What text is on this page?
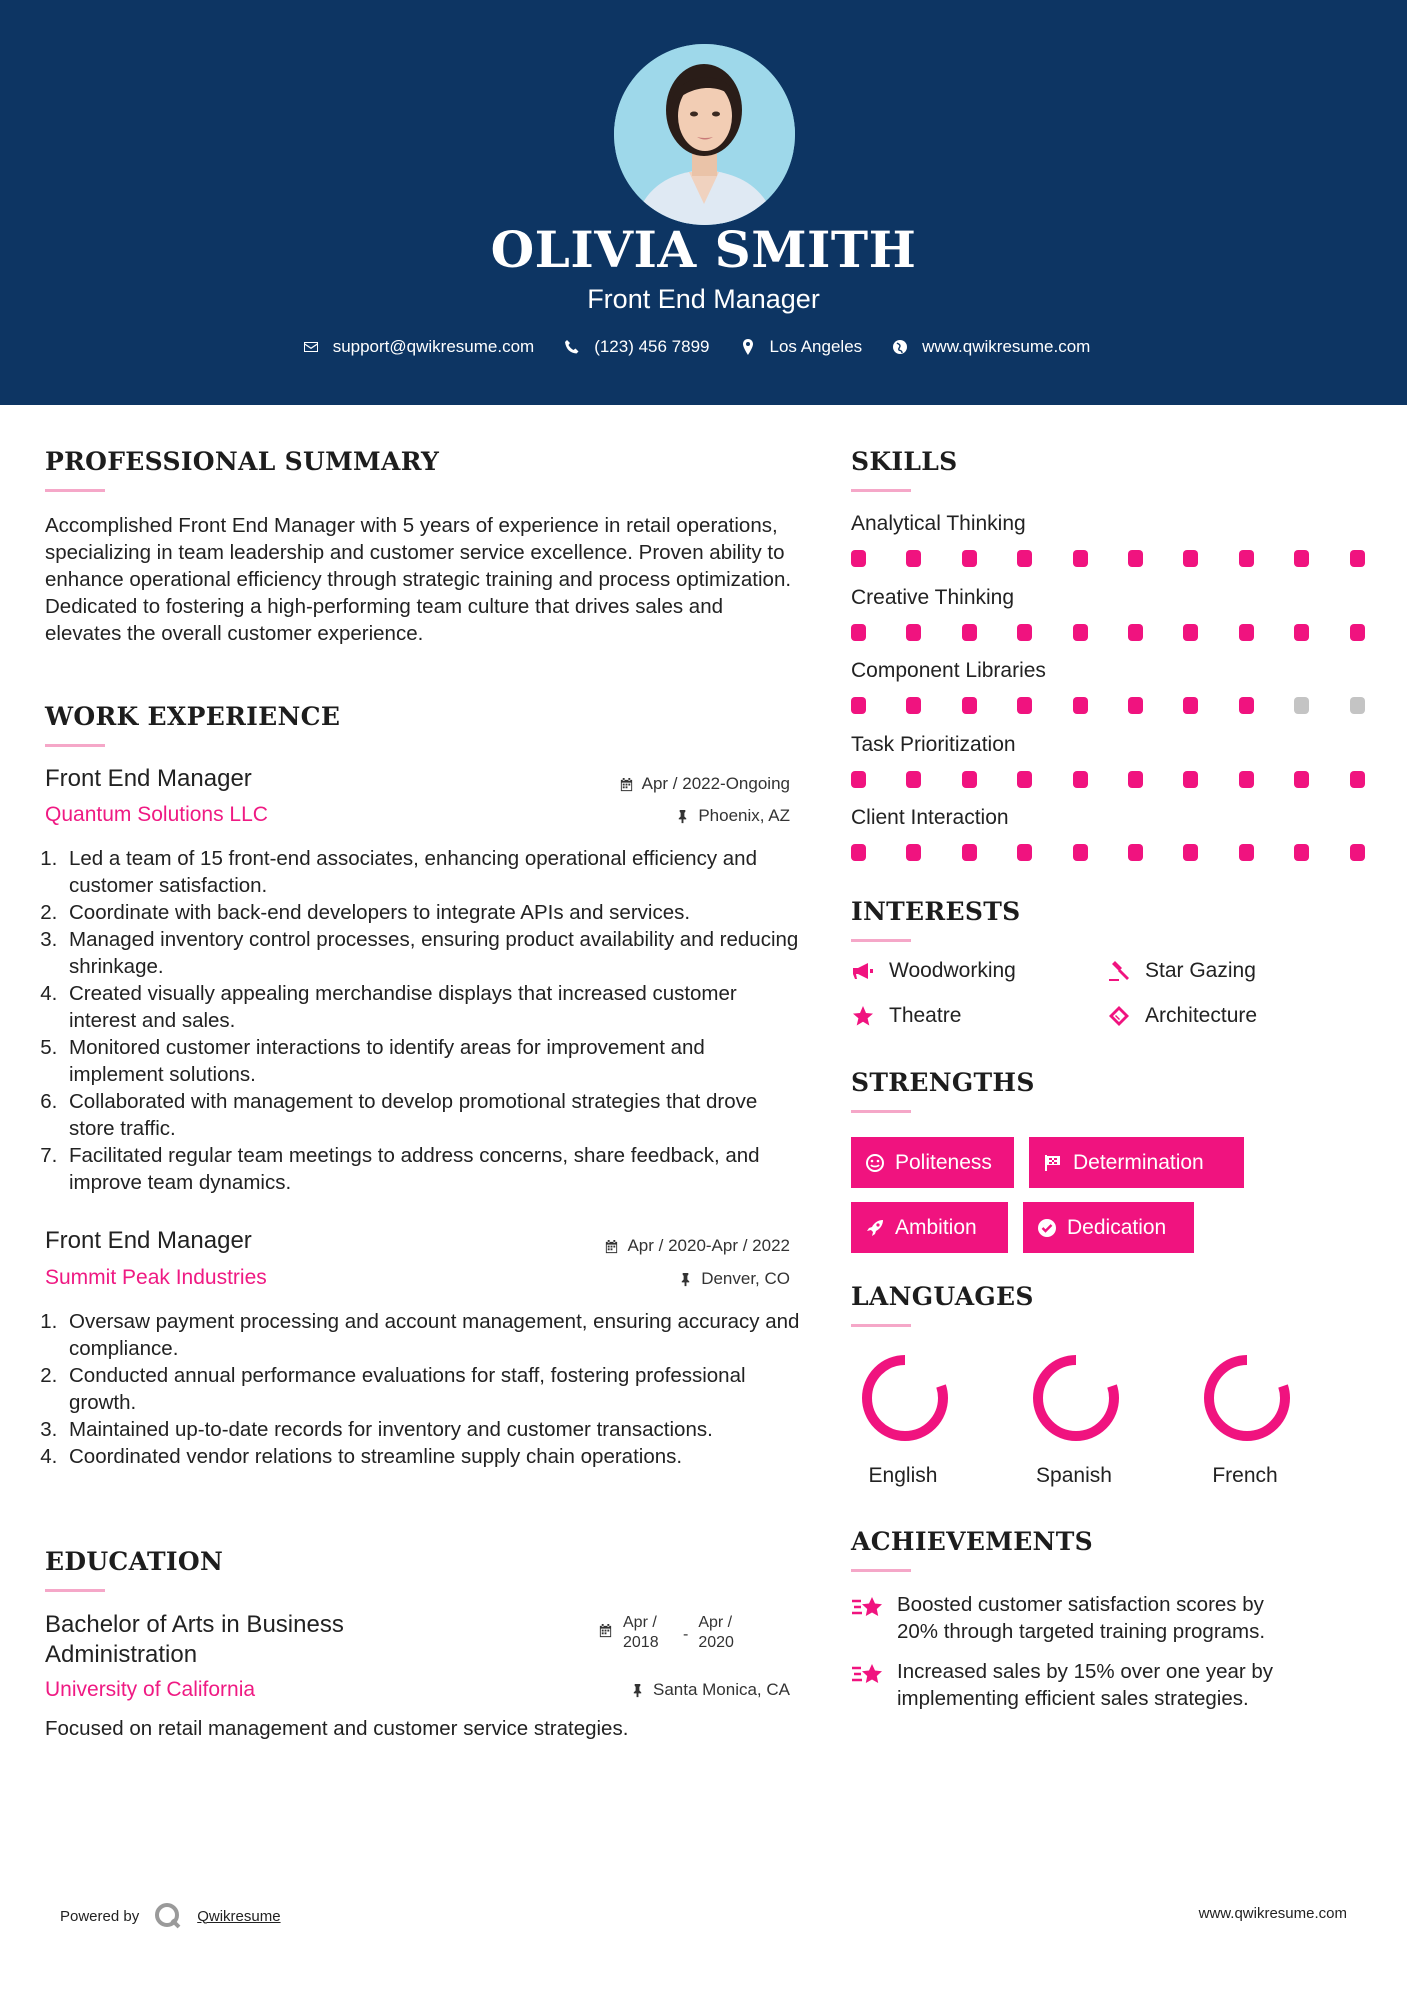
OLIVIA SMITH
Front End Manager
support@qwikresume.com	(123) 456 7899	Los Angeles	www.qwikresume.com
PROFESSIONAL SUMMARY
Accomplished Front End Manager with 5 years of experience in retail operations, specializing in team leadership and customer service excellence. Proven ability to enhance operational efficiency through strategic training and process optimization. Dedicated to fostering a high-performing team culture that drives sales and elevates the overall customer experience.
WORK EXPERIENCE
Front End Manager	Apr / 2022-Ongoing
Quantum Solutions LLC	Phoenix, AZ
1. Led a team of 15 front-end associates, enhancing operational efficiency and customer satisfaction.
2. Coordinate with back-end developers to integrate APIs and services.
3. Managed inventory control processes, ensuring product availability and reducing shrinkage.
4. Created visually appealing merchandise displays that increased customer interest and sales.
5. Monitored customer interactions to identify areas for improvement and implement solutions.
6. Collaborated with management to develop promotional strategies that drove store traffic.
7. Facilitated regular team meetings to address concerns, share feedback, and improve team dynamics.
Front End Manager	Apr / 2020-Apr / 2022
Summit Peak Industries	Denver, CO
1. Oversaw payment processing and account management, ensuring accuracy and compliance.
2. Conducted annual performance evaluations for staff, fostering professional growth.
3. Maintained up-to-date records for inventory and customer transactions.
4. Coordinated vendor relations to streamline supply chain operations.
EDUCATION
Bachelor of Arts in Business
Administration
Apr /
2018	-
Apr /
2020
University of California	Santa Monica, CA
Focused on retail management and customer service strategies.
SKILLS
Analytical Thinking
Creative Thinking
Component Libraries
Task Prioritization
Client Interaction
INTERESTS
Woodworking	Star Gazing
Theatre	Architecture
STRENGTHS
Politeness	Determination
Ambition	Dedication
LANGUAGES
English	Spanish	French
ACHIEVEMENTS
Boosted customer satisfaction scores by
20% through targeted training programs.
Increased sales by 15% over one year by
implementing efficient sales strategies.
Powered by	Qwikresume	www.qwikresume.com
